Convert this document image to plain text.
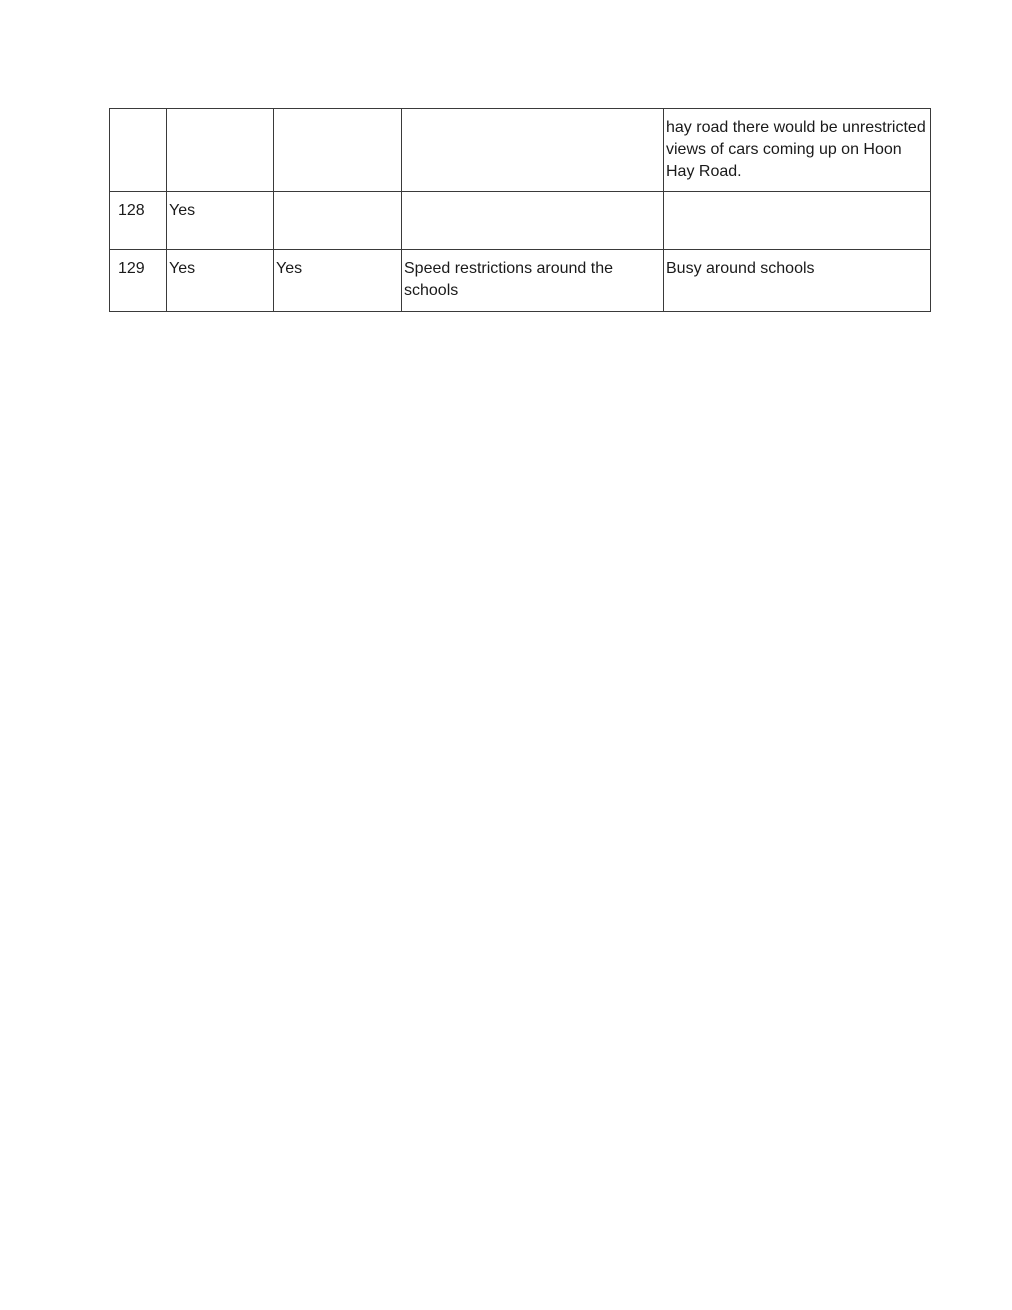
				hay road there would be unrestricted views of cars coming up on Hoon Hay Road.
128	Yes			
129	Yes	Yes	Speed restrictions around the schools	Busy around schools
